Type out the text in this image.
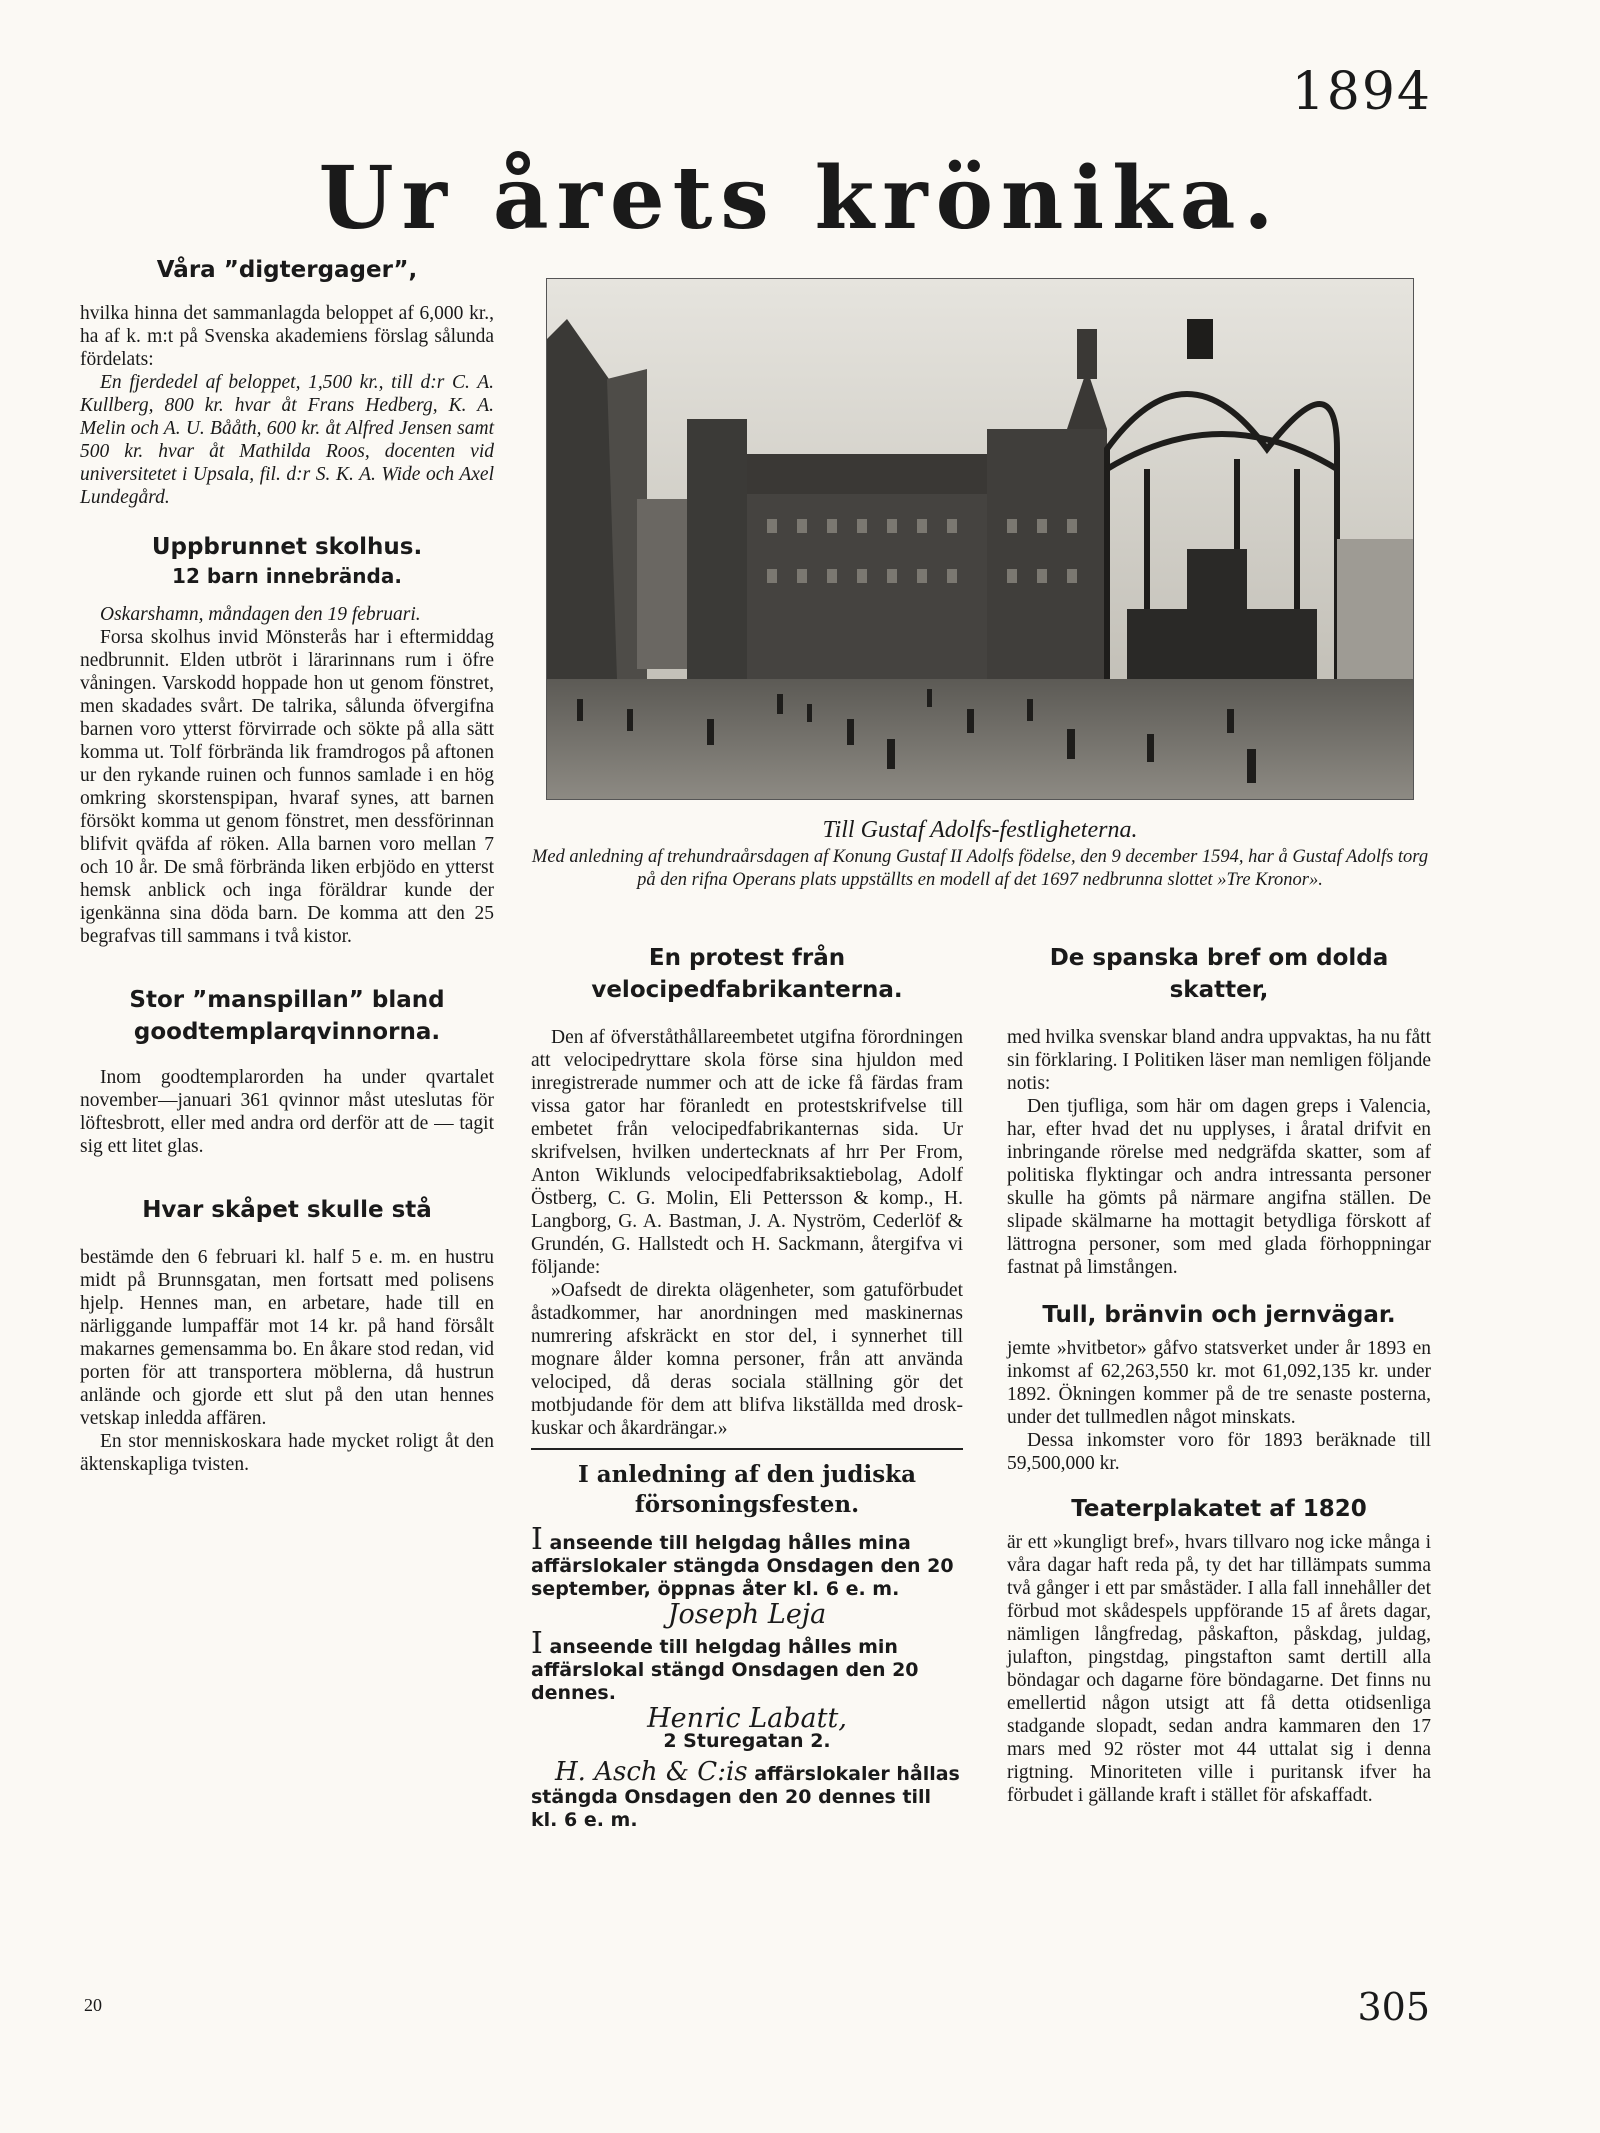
1894
Ur årets krönika.
Våra ”digtergager”,

hvilka hinna det sammanlagda beloppet af 6,000 kr., ha af k. m:t på Svenska akademiens förslag sålunda fördelats:

En fjerdedel af beloppet, 1,500 kr., till d:r C. A. Kullberg, 800 kr. hvar åt Frans Hedberg, K. A. Melin och A. U. Bååth, 600 kr. åt Alfred Jensen samt 500 kr. hvar åt Mathilda Roos, docenten vid universitetet i Upsala, fil. d:r S. K. A. Wide och Axel Lundegård.

Uppbrunnet skolhus.
12 barn innebrända.

Oskarshamn, måndagen den 19 februari.

Forsa skolhus invid Mönsterås har i eftermiddag nedbrunnit. Elden utbröt i lärarinnans rum i öfre våningen. Varskodd hoppade hon ut genom fönstret, men skadades svårt. De talrika, sålunda öfvergifna barnen voro ytterst förvirrade och sökte på alla sätt komma ut. Tolf förbrända lik framdrogos på aftonen ur den rykande ruinen och funnos samlade i en hög omkring skorstenspipan, hvaraf synes, att barnen försökt komma ut genom fönstret, men dessförinnan blifvit qväfda af röken. Alla barnen voro mellan 7 och 10 år. De små förbrända liken erbjödo en ytterst hemsk anblick och inga föräldrar kunde der igenkänna sina döda barn. De komma att den 25 begrafvas till sammans i två kistor.

Stor ”manspillan” bland goodtemplarqvinnorna.

Inom goodtemplarorden ha under qvartalet november—januari 361 qvinnor måst uteslutas för löftesbrott, eller med andra ord derför att de — tagit sig ett litet glas.

Hvar skåpet skulle stå

bestämde den 6 februari kl. half 5 e. m. en hustru midt på Brunnsgatan, men fortsatt med polisens hjelp. Hennes man, en arbetare, hade till en närliggande lumpaffär mot 14 kr. på hand försålt makarnes gemensamma bo. En åkare stod redan, vid porten för att transportera möblerna, då hustrun anlände och gjorde ett slut på den utan hennes vetskap inledda affären.

En stor menniskoskara hade mycket roligt åt den äktenskapliga tvisten.

Till Gustaf Adolfs-festligheterna.
Med anledning af trehundraårsdagen af Konung Gustaf II Adolfs födelse, den 9 december 1594, har å Gustaf Adolfs torg på den rifna Operans plats uppställts en modell af det 1697 nedbrunna slottet »Tre Kronor».
En protest från velocipedfabrikanterna.

Den af öfverståthållareembetet utgifna förordningen att velocipedryttare skola förse sina hjuldon med inregistrerade nummer och att de icke få färdas fram vissa gator har föranledt en protestskrifvelse till embetet från velocipedfabrikanternas sida. Ur skrifvelsen, hvilken undertecknats af hrr Per From, Anton Wiklunds velocipedfabriksaktiebolag, Adolf Östberg, C. G. Molin, Eli Pettersson & komp., H. Langborg, G. A. Bastman, J. A. Nyström, Cederlöf & Grundén, G. Hallstedt och H. Sackmann, återgifva vi följande:

»Oafsedt de direkta olägenheter, som gatuförbudet åstadkommer, har anordningen med maskinernas numrering afskräckt en stor del, i synnerhet till mognare ålder komna personer, från att använda velociped, då deras sociala ställning gör det motbjudande för dem att blifva likställda med drosk-kuskar och åkardrängar.»

I anledning af den judiska försoningsfesten.
I anseende till helgdag hålles mina affärslokaler stängda Onsdagen den 20 september, öppnas åter kl. 6 e. m.
Joseph Leja
I anseende till helgdag hålles min affärslokal stängd Onsdagen den 20 dennes.
Henric Labatt,
2 Sturegatan 2.
H. Asch & C:is affärslokaler hållas stängda Onsdagen den 20 dennes till kl. 6 e. m.
De spanska bref om dolda skatter,

med hvilka svenskar bland andra uppvaktas, ha nu fått sin förklaring. I Politiken läser man nemligen följande notis:

Den tjufliga, som här om dagen greps i Valencia, har, efter hvad det nu upplyses, i åratal drifvit en inbringande rörelse med nedgräfda skatter, som af politiska flyktingar och andra intressanta personer skulle ha gömts på närmare angifna ställen. De slipade skälmarne ha mottagit betydliga förskott af lättrogna personer, som med glada förhoppningar fastnat på limstången.

Tull, bränvin och jernvägar.

jemte »hvitbetor» gåfvo statsverket under år 1893 en inkomst af 62,263,550 kr. mot 61,092,135 kr. under 1892. Ökningen kommer på de tre senaste posterna, under det tullmedlen något minskats.

Dessa inkomster voro för 1893 beräknade till 59,500,000 kr.

Teaterplakatet af 1820

är ett »kungligt bref», hvars tillvaro nog icke många i våra dagar haft reda på, ty det har tillämpats summa två gånger i ett par småstäder. I alla fall innehåller det förbud mot skådespels uppförande 15 af årets dagar, nämligen långfredag, påskafton, påskdag, juldag, julafton, pingstdag, pingstafton samt dertill alla böndagar och dagarne före böndagarne. Det finns nu emellertid någon utsigt att få detta otidsenliga stadgande slopadt, sedan andra kammaren den 17 mars med 92 röster mot 44 uttalat sig i denna rigtning. Minoriteten ville i puritansk ifver ha förbudet i gällande kraft i stället för afskaffadt.

20	305
